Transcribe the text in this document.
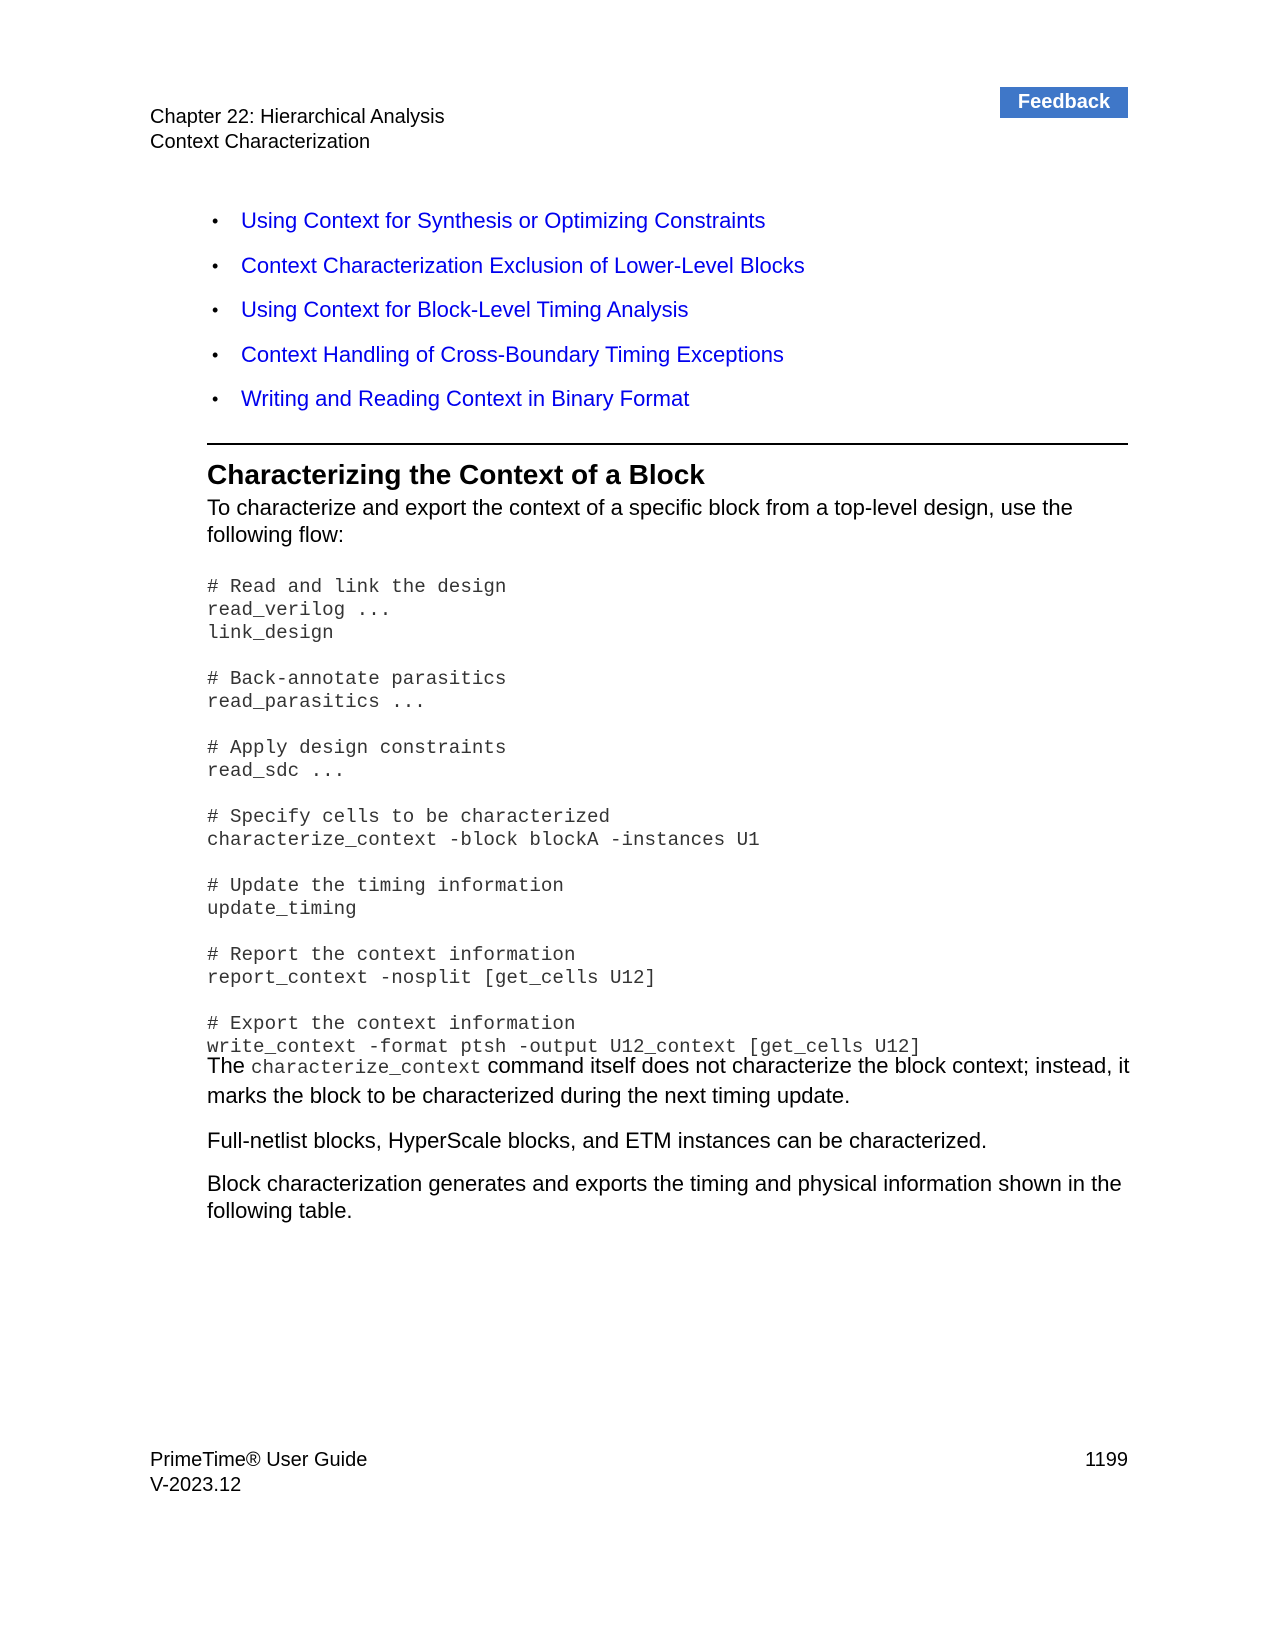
Feedback
Chapter 22: Hierarchical Analysis
Context Characterization
• Using Context for Synthesis or Optimizing Constraints
• Context Characterization Exclusion of Lower-Level Blocks
• Using Context for Block-Level Timing Analysis
• Context Handling of Cross-Boundary Timing Exceptions
• Writing and Reading Context in Binary Format
Characterizing the Context of a Block

To characterize and export the context of a specific block from a top-level design, use the following flow:

# Read and link the design
read_verilog ...
link_design
# Back-annotate parasitics
read_parasitics ...
# Apply design constraints
read_sdc ...
# Specify cells to be characterized
characterize_context -block blockA -instances U1
# Update the timing information
update_timing
# Report the context information
report_context -nosplit [get_cells U12]
# Export the context information
write_context -format ptsh -output U12_context [get_cells U12]

The characterize_context command itself does not characterize the block context; instead, it marks the block to be characterized during the next timing update.

Full-netlist blocks, HyperScale blocks, and ETM instances can be characterized.

Block characterization generates and exports the timing and physical information shown in the following table.

PrimeTime® User Guide
V-2023.12
1199
